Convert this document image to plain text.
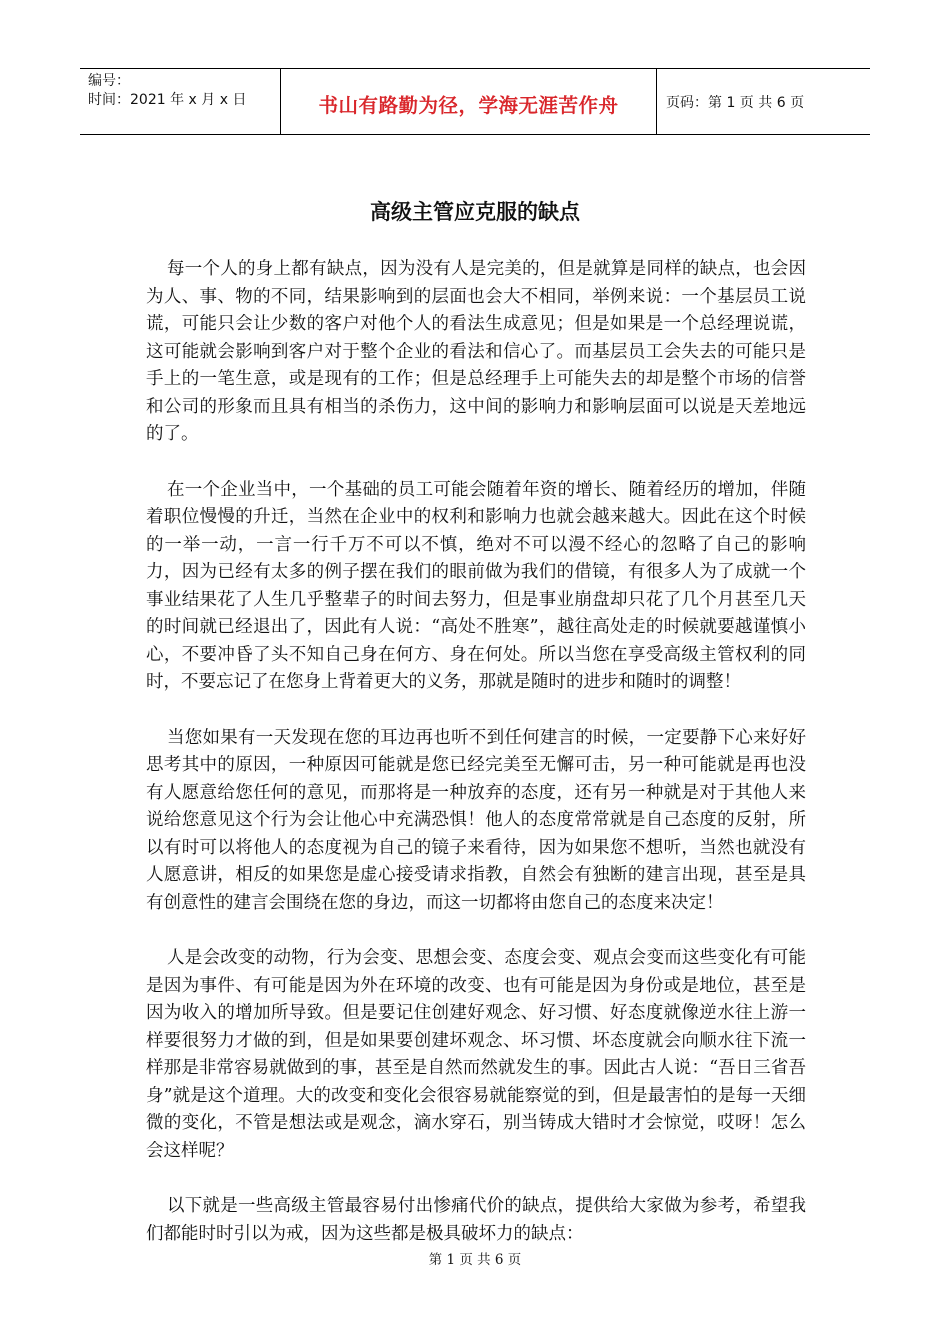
编号：
时间：2021 年 x 月 x 日	书山有路勤为径，学海无涯苦作舟	页码：第 1 页 共 6 页
高级主管应克服的缺点

每一个人的身上都有缺点，因为没有人是完美的，但是就算是同样的缺点，也会因为人、事、物的不同，结果影响到的层面也会大不相同，举例来说：一个基层员工说谎，可能只会让少数的客户对他个人的看法生成意见；但是如果是一个总经理说谎，这可能就会影响到客户对于整个企业的看法和信心了。而基层员工会失去的可能只是手上的一笔生意，或是现有的工作；但是总经理手上可能失去的却是整个市场的信誉和公司的形象而且具有相当的杀伤力，这中间的影响力和影响层面可以说是天差地远的了。

在一个企业当中，一个基础的员工可能会随着年资的增长、随着经历的增加，伴随着职位慢慢的升迁，当然在企业中的权利和影响力也就会越来越大。因此在这个时候的一举一动，一言一行千万不可以不慎，绝对不可以漫不经心的忽略了自己的影响力，因为已经有太多的例子摆在我们的眼前做为我们的借镜，有很多人为了成就一个事业结果花了人生几乎整辈子的时间去努力，但是事业崩盘却只花了几个月甚至几天的时间就已经退出了，因此有人说：“高处不胜寒”，越往高处走的时候就要越谨慎小心，不要冲昏了头不知自己身在何方、身在何处。所以当您在享受高级主管权利的同时，不要忘记了在您身上背着更大的义务，那就是随时的进步和随时的调整！

当您如果有一天发现在您的耳边再也听不到任何建言的时候，一定要静下心来好好思考其中的原因，一种原因可能就是您已经完美至无懈可击，另一种可能就是再也没有人愿意给您任何的意见，而那将是一种放弃的态度，还有另一种就是对于其他人来说给您意见这个行为会让他心中充满恐惧！他人的态度常常就是自己态度的反射，所以有时可以将他人的态度视为自己的镜子来看待，因为如果您不想听，当然也就没有人愿意讲，相反的如果您是虚心接受请求指教，自然会有独断的建言出现，甚至是具有创意性的建言会围绕在您的身边，而这一切都将由您自己的态度来决定！

人是会改变的动物，行为会变、思想会变、态度会变、观点会变而这些变化有可能是因为事件、有可能是因为外在环境的改变、也有可能是因为身份或是地位，甚至是因为收入的增加所导致。但是要记住创建好观念、好习惯、好态度就像逆水往上游一样要很努力才做的到，但是如果要创建坏观念、坏习惯、坏态度就会向顺水往下流一样那是非常容易就做到的事，甚至是自然而然就发生的事。因此古人说：“吾日三省吾身”就是这个道理。大的改变和变化会很容易就能察觉的到，但是最害怕的是每一天细微的变化，不管是想法或是观念，滴水穿石，别当铸成大错时才会惊觉，哎呀！怎么会这样呢？

以下就是一些高级主管最容易付出惨痛代价的缺点，提供给大家做为参考，希望我们都能时时引以为戒，因为这些都是极具破坏力的缺点：

第 1 页 共 6 页
